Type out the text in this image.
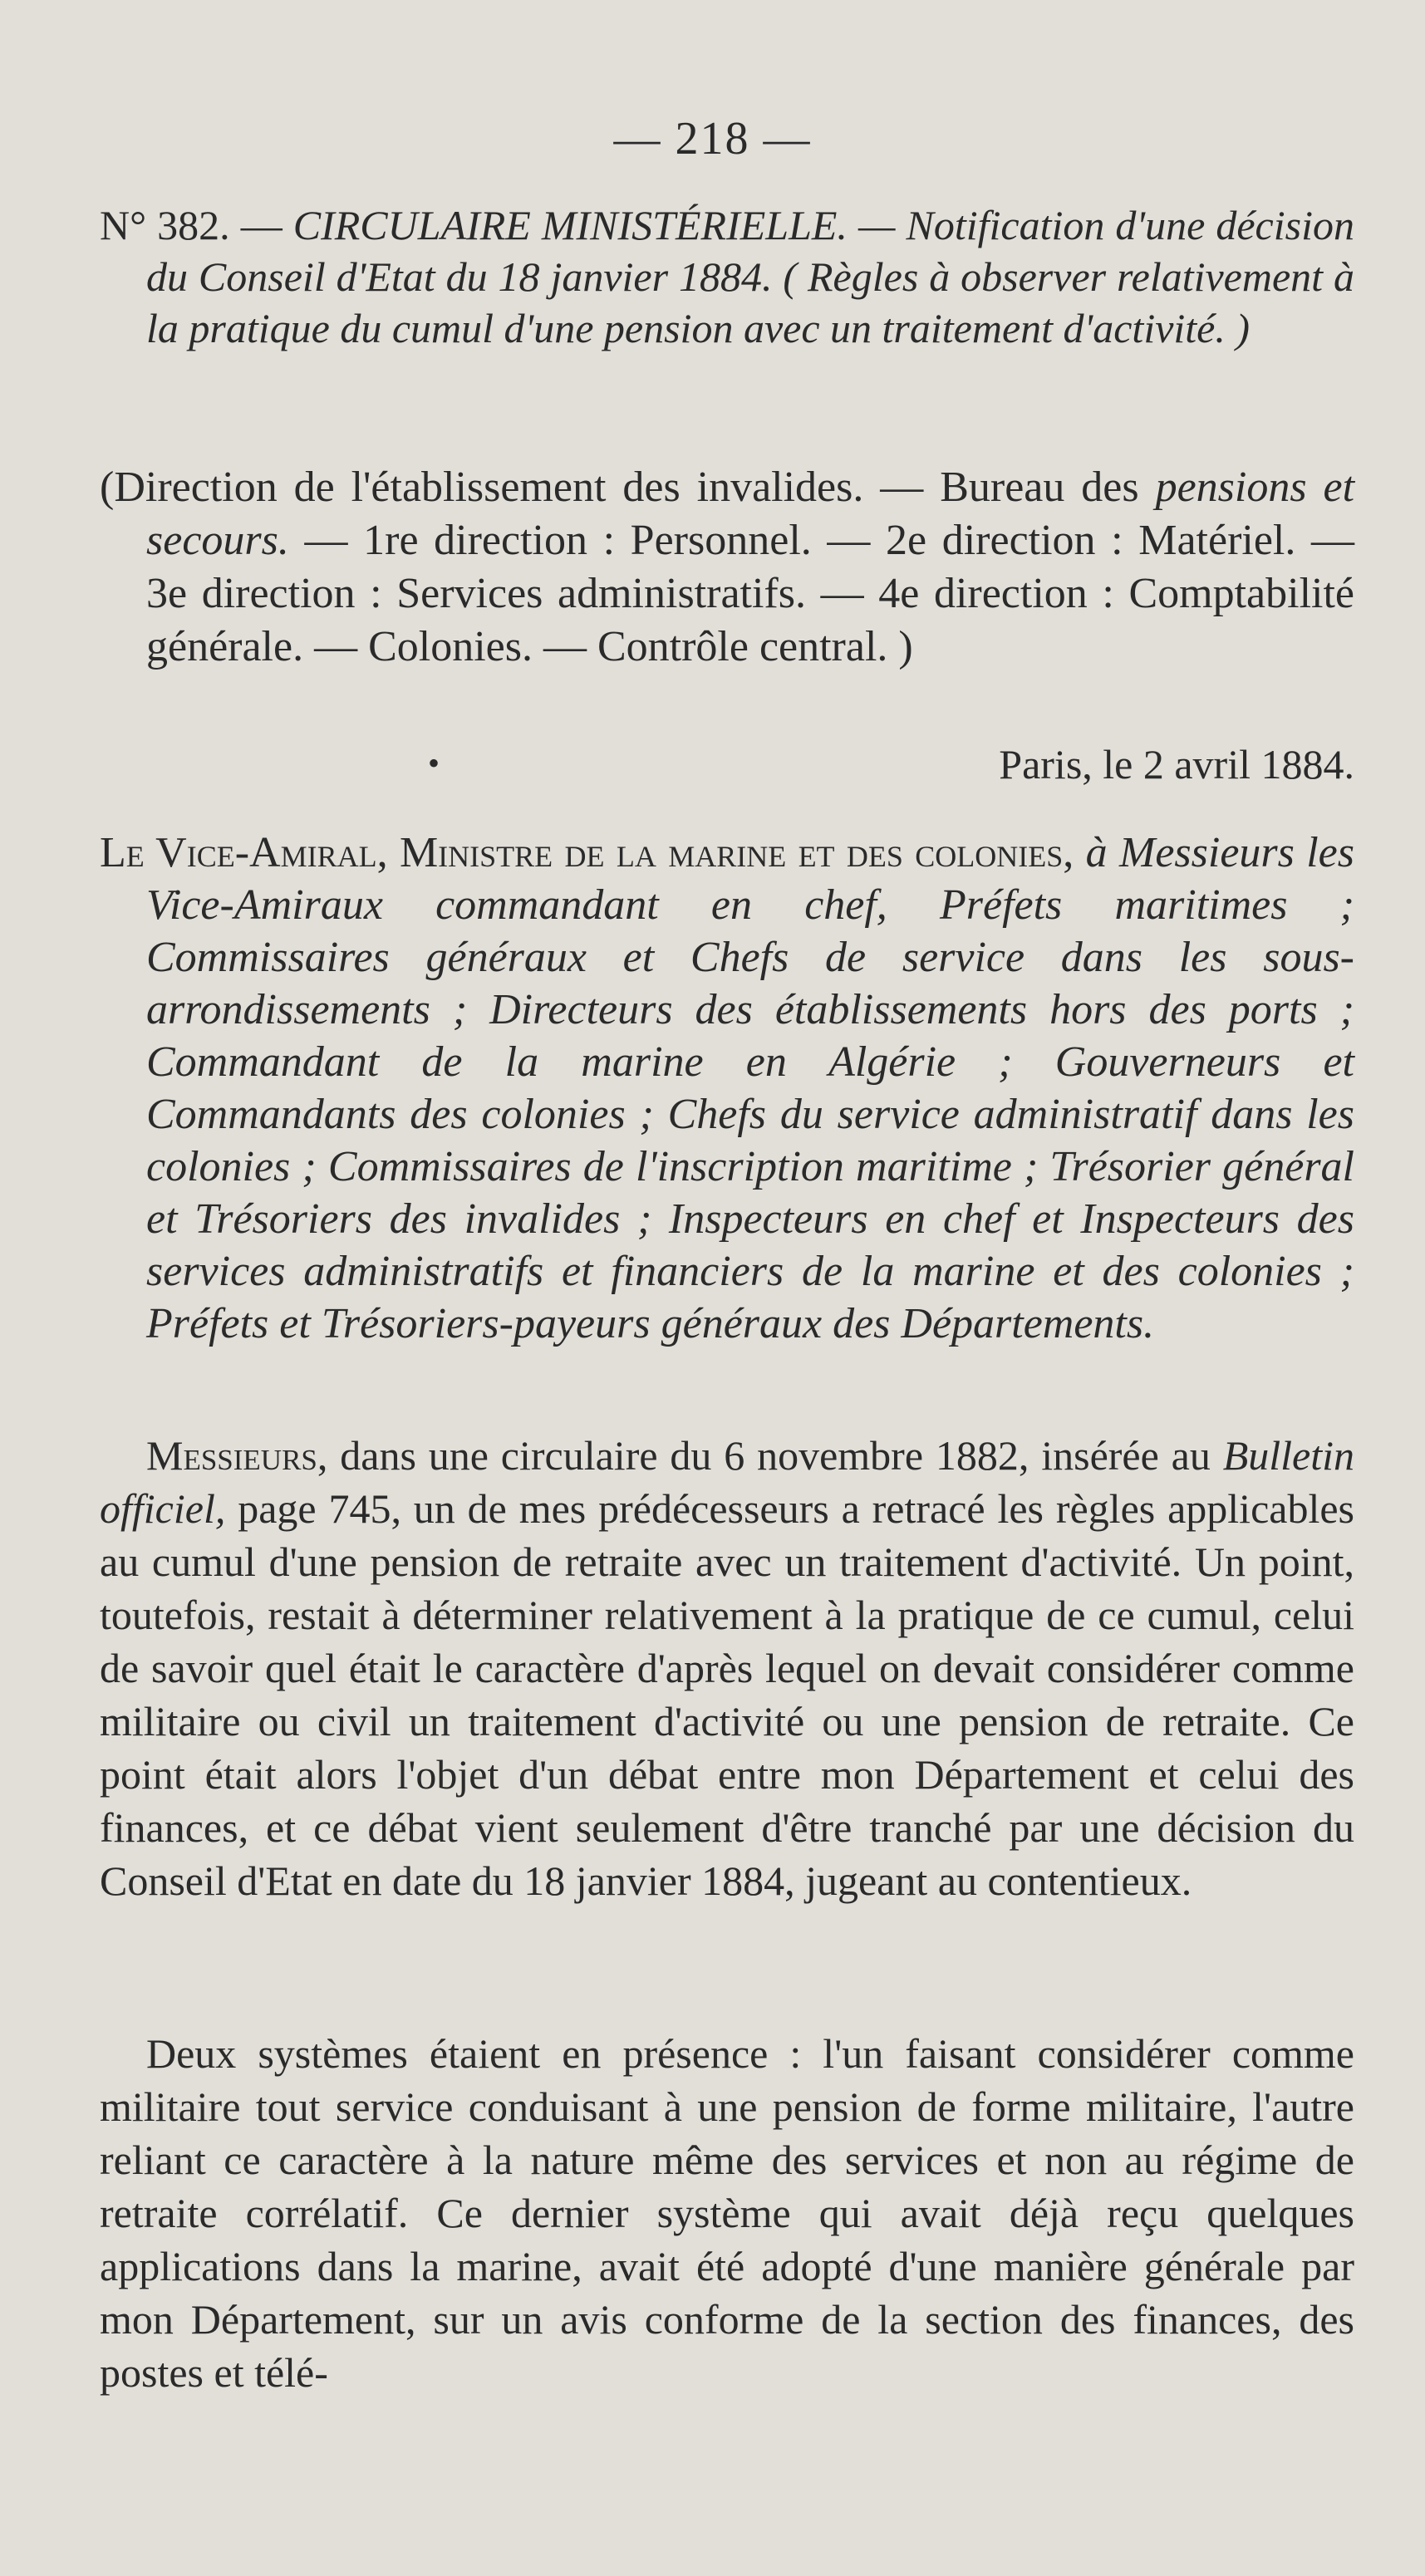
— 218 —

N° 382. — CIRCULAIRE MINISTÉRIELLE. — Notification d'une décision du Conseil d'Etat du 18 janvier 1884. ( Règles à observer relativement à la pratique du cumul d'une pension avec un traitement d'activité. )

(Direction de l'établissement des invalides. — Bureau des pensions et secours. — 1re direction : Personnel. — 2e direction : Matériel. — 3e direction : Services administratifs. — 4e direction : Comptabilité générale. — Colonies. — Contrôle central. )

•	Paris, le 2 avril 1884.

Le Vice-Amiral, Ministre de la marine et des colonies, à Messieurs les Vice-Amiraux commandant en chef, Préfets maritimes ; Commissaires généraux et Chefs de service dans les sous-arrondissements ; Directeurs des établissements hors des ports ; Commandant de la marine en Algérie ; Gouverneurs et Commandants des colonies ; Chefs du service administratif dans les colonies ; Commissaires de l'inscription maritime ; Trésorier général et Trésoriers des invalides ; Inspecteurs en chef et Inspecteurs des services administratifs et financiers de la marine et des colonies ; Préfets et Trésoriers-payeurs généraux des Départements.

Messieurs, dans une circulaire du 6 novembre 1882, insérée au Bulletin officiel, page 745, un de mes prédécesseurs a retracé les règles applicables au cumul d'une pension de retraite avec un traitement d'activité. Un point, toutefois, restait à déterminer relativement à la pratique de ce cumul, celui de savoir quel était le caractère d'après lequel on devait considérer comme militaire ou civil un traitement d'activité ou une pension de retraite. Ce point était alors l'objet d'un débat entre mon Département et celui des finances, et ce débat vient seulement d'être tranché par une décision du Conseil d'Etat en date du 18 janvier 1884, jugeant au contentieux.

Deux systèmes étaient en présence : l'un faisant considérer comme militaire tout service conduisant à une pension de forme militaire, l'autre reliant ce caractère à la nature même des services et non au régime de retraite corrélatif. Ce dernier système qui avait déjà reçu quelques applications dans la marine, avait été adopté d'une manière générale par mon Département, sur un avis conforme de la section des finances, des postes et télé-
